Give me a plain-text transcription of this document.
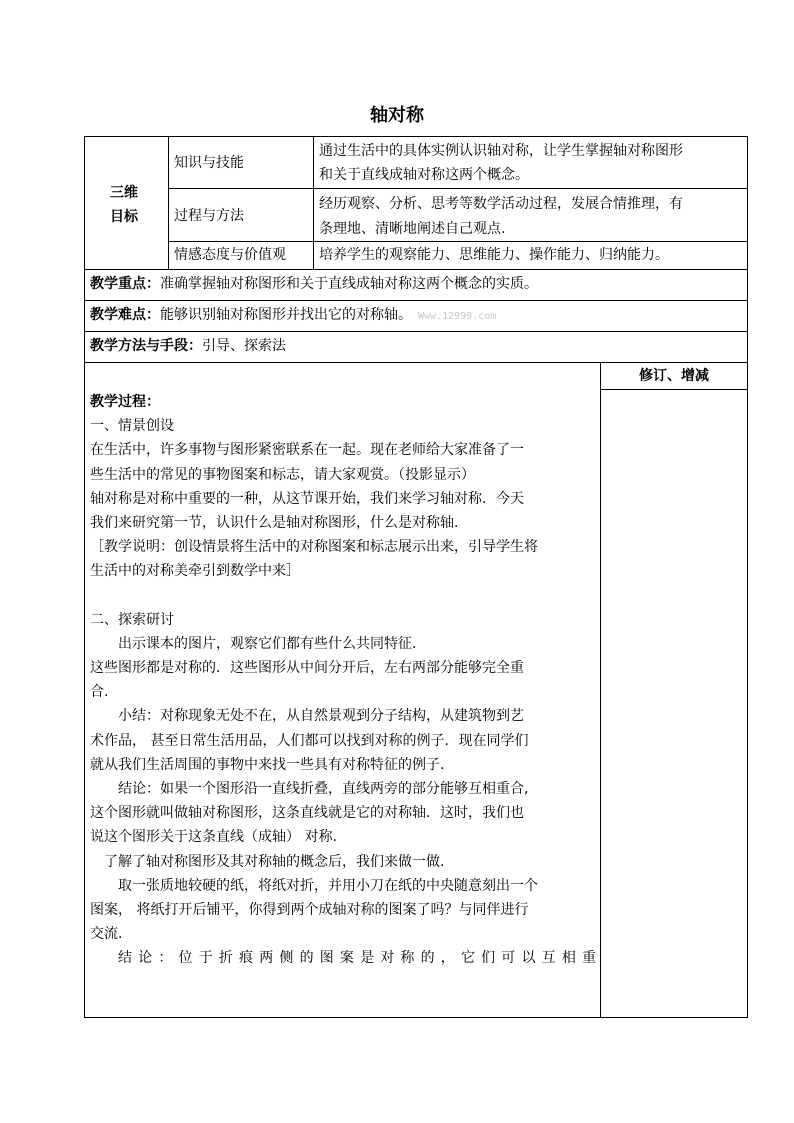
轴对称
三维
目标
知识与技能
通过生活中的具体实例认识轴对称，让学生掌握轴对称图形
和关于直线成轴对称这两个概念。
过程与方法
经历观察、分析、思考等数学活动过程，发展合情推理，有
条理地、清晰地阐述自己观点.
情感态度与价值观 培养学生的观察能力、思维能力、操作能力、归纳能力。
教学重点：准确掌握轴对称图形和关于直线成轴对称这两个概念的实质。
教学难点：能够识别轴对称图形并找出它的对称轴。 Www.12999.com
教学方法与手段：引导、探索法
修订、增减
教学过程：
一、情景创设
在生活中，许多事物与图形紧密联系在一起。现在老师给大家准备了一
些生活中的常见的事物图案和标志，请大家观赏。（投影显示）
轴对称是对称中重要的一种，从这节课开始，我们来学习轴对称．今天
我们来研究第一节，认识什么是轴对称图形，什么是对称轴.
［教学说明：创设情景将生活中的对称图案和标志展示出来，引导学生将
生活中的对称美牵引到数学中来］
二、探索研讨
出示课本的图片，观察它们都有些什么共同特征.
这些图形都是对称的．这些图形从中间分开后，左右两部分能够完全重
合.
小结：对称现象无处不在，从自然景观到分子结构，从建筑物到艺
术作品， 甚至日常生活用品，人们都可以找到对称的例子．现在同学们
就从我们生活周围的事物中来找一些具有对称特征的例子.
结论：如果一个图形沿一直线折叠，直线两旁的部分能够互相重合,
这个图形就叫做轴对称图形，这条直线就是它的对称轴．这时，我们也
说这个图形关于这条直线（成轴） 对称.
了解了轴对称图形及其对称轴的概念后，我们来做一做.
取一张质地较硬的纸，将纸对折，并用小刀在纸的中央随意刻出一个
图案， 将纸打开后铺平，你得到两个成轴对称的图案了吗？与同伴进行
交流.
结论：位于折痕两侧的图案是对称的，它们可以互相重
